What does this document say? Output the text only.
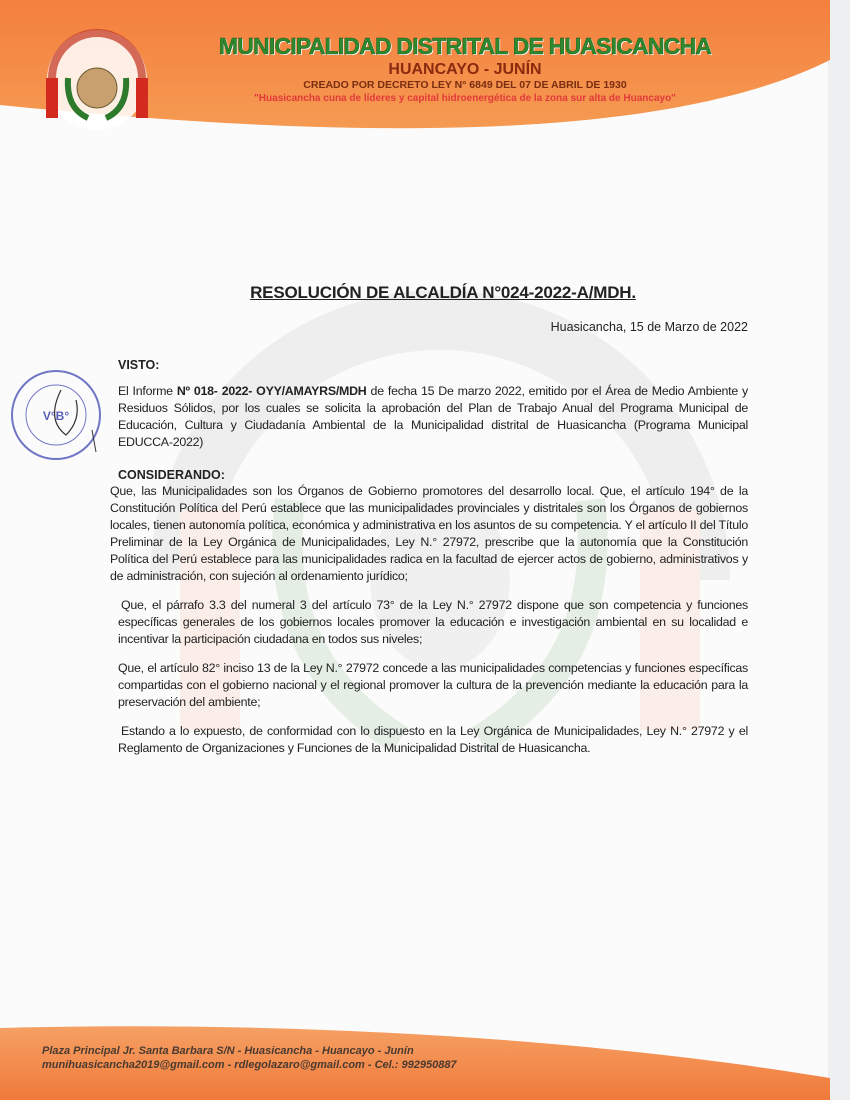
MUNICIPALIDAD DISTRITAL DE HUASICANCHA
HUANCAYO - JUNÍN
CREADO POR DECRETO LEY N° 6849 DEL 07 DE ABRIL DE 1930
"Huasicancha cuna de líderes y capital hidroenergética de la zona sur alta de Huancayo"
V°B°
RESOLUCIÓN DE ALCALDÍA N°024-2022-A/MDH.
Huasicancha, 15 de Marzo de 2022
VISTO:
El Informe Nº 018- 2022- OYY/AMAYRS/MDH de fecha 15 De marzo 2022, emitido por el Área de Medio Ambiente y Residuos Sólidos, por los cuales se solicita la aprobación del Plan de Trabajo Anual del Programa Municipal de Educación, Cultura y Ciudadanía Ambiental de la Municipalidad distrital de Huasicancha (Programa Municipal EDUCCA-2022)
CONSIDERANDO:
Que, las Municipalidades son los Órganos de Gobierno promotores del desarrollo local. Que, el artículo 194° de la Constitución Política del Perú establece que las municipalidades provinciales y distritales son los Órganos de gobiernos locales, tienen autonomía política, económica y administrativa en los asuntos de su competencia. Y el artículo II del Título Preliminar de la Ley Orgánica de Municipalidades, Ley N.° 27972, prescribe que la autonomía que la Constitución Política del Perú establece para las municipalidades radica en la facultad de ejercer actos de gobierno, administrativos y de administración, con sujeción al ordenamiento jurídico;
Que, el párrafo 3.3 del numeral 3 del artículo 73° de la Ley N.° 27972 dispone que son competencia y funciones específicas generales de los gobiernos locales promover la educación e investigación ambiental en su localidad e incentivar la participación ciudadana en todos sus niveles;
Que, el artículo 82° inciso 13 de la Ley N.° 27972 concede a las municipalidades competencias y funciones específicas compartidas con el gobierno nacional y el regional promover la cultura de la prevención mediante la educación para la preservación del ambiente;
Estando a lo expuesto, de conformidad con lo dispuesto en la Ley Orgánica de Municipalidades, Ley N.° 27972 y el Reglamento de Organizaciones y Funciones de la Municipalidad Distrital de Huasicancha.
Plaza Principal Jr. Santa Barbara S/N - Huasicancha - Huancayo - Junín
munihuasicancha2019@gmail.com - rdlegolazaro@gmail.com - Cel.: 992950887
